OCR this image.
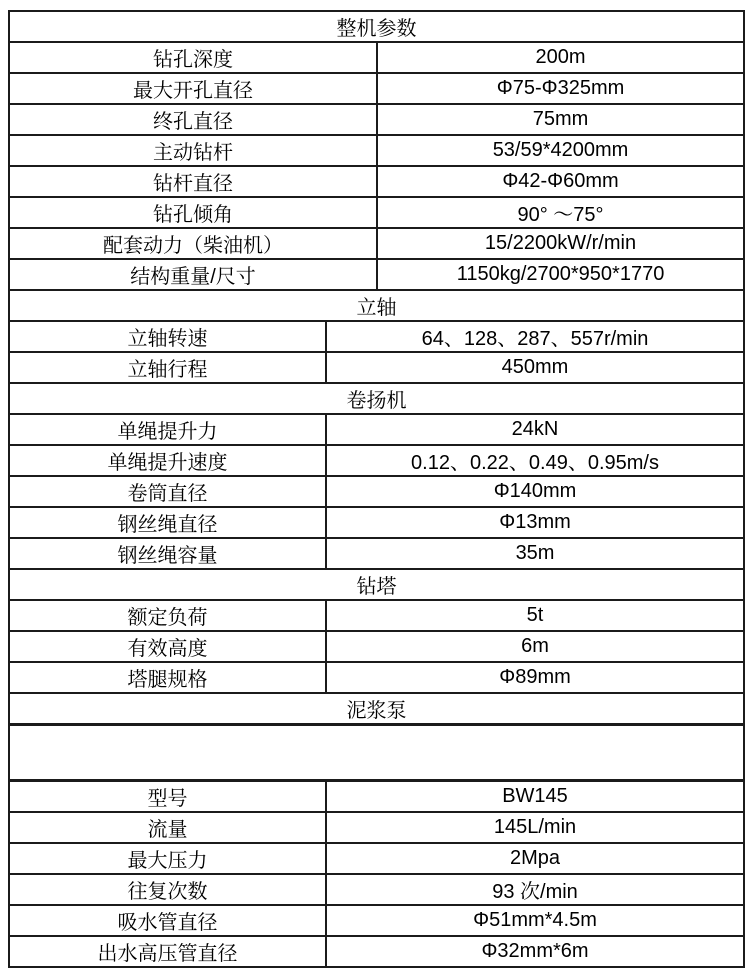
整机参数		
钻孔深度		200m
最大开孔直径		Φ75-Φ325mm
终孔直径		75mm
主动钻杆		53/59*4200mm
钻杆直径		Φ42-Φ60mm
钻孔倾角		90° ～75°
配套动力（柴油机）		15/2200kW/r/min
结构重量/尺寸		1150kg/2700*950*1770
立轴		
立轴转速	64、128、287、557r/min	
立轴行程	450mm	
卷扬机		
单绳提升力	24kN	
单绳提升速度	0.12、0.22、0.49、0.95m/s	
卷筒直径	Φ140mm	
钢丝绳直径	Φ13mm	
钢丝绳容量	35m	
钻塔		
额定负荷	5t	
有效高度	6m	
塔腿规格	Φ89mm	
泥浆泵		

型号	BW145	
流量	145L/min	
最大压力	2Mpa	
往复次数	93 次/min	
吸水管直径	Φ51mm*4.5m	
出水高压管直径	Φ32mm*6m	
